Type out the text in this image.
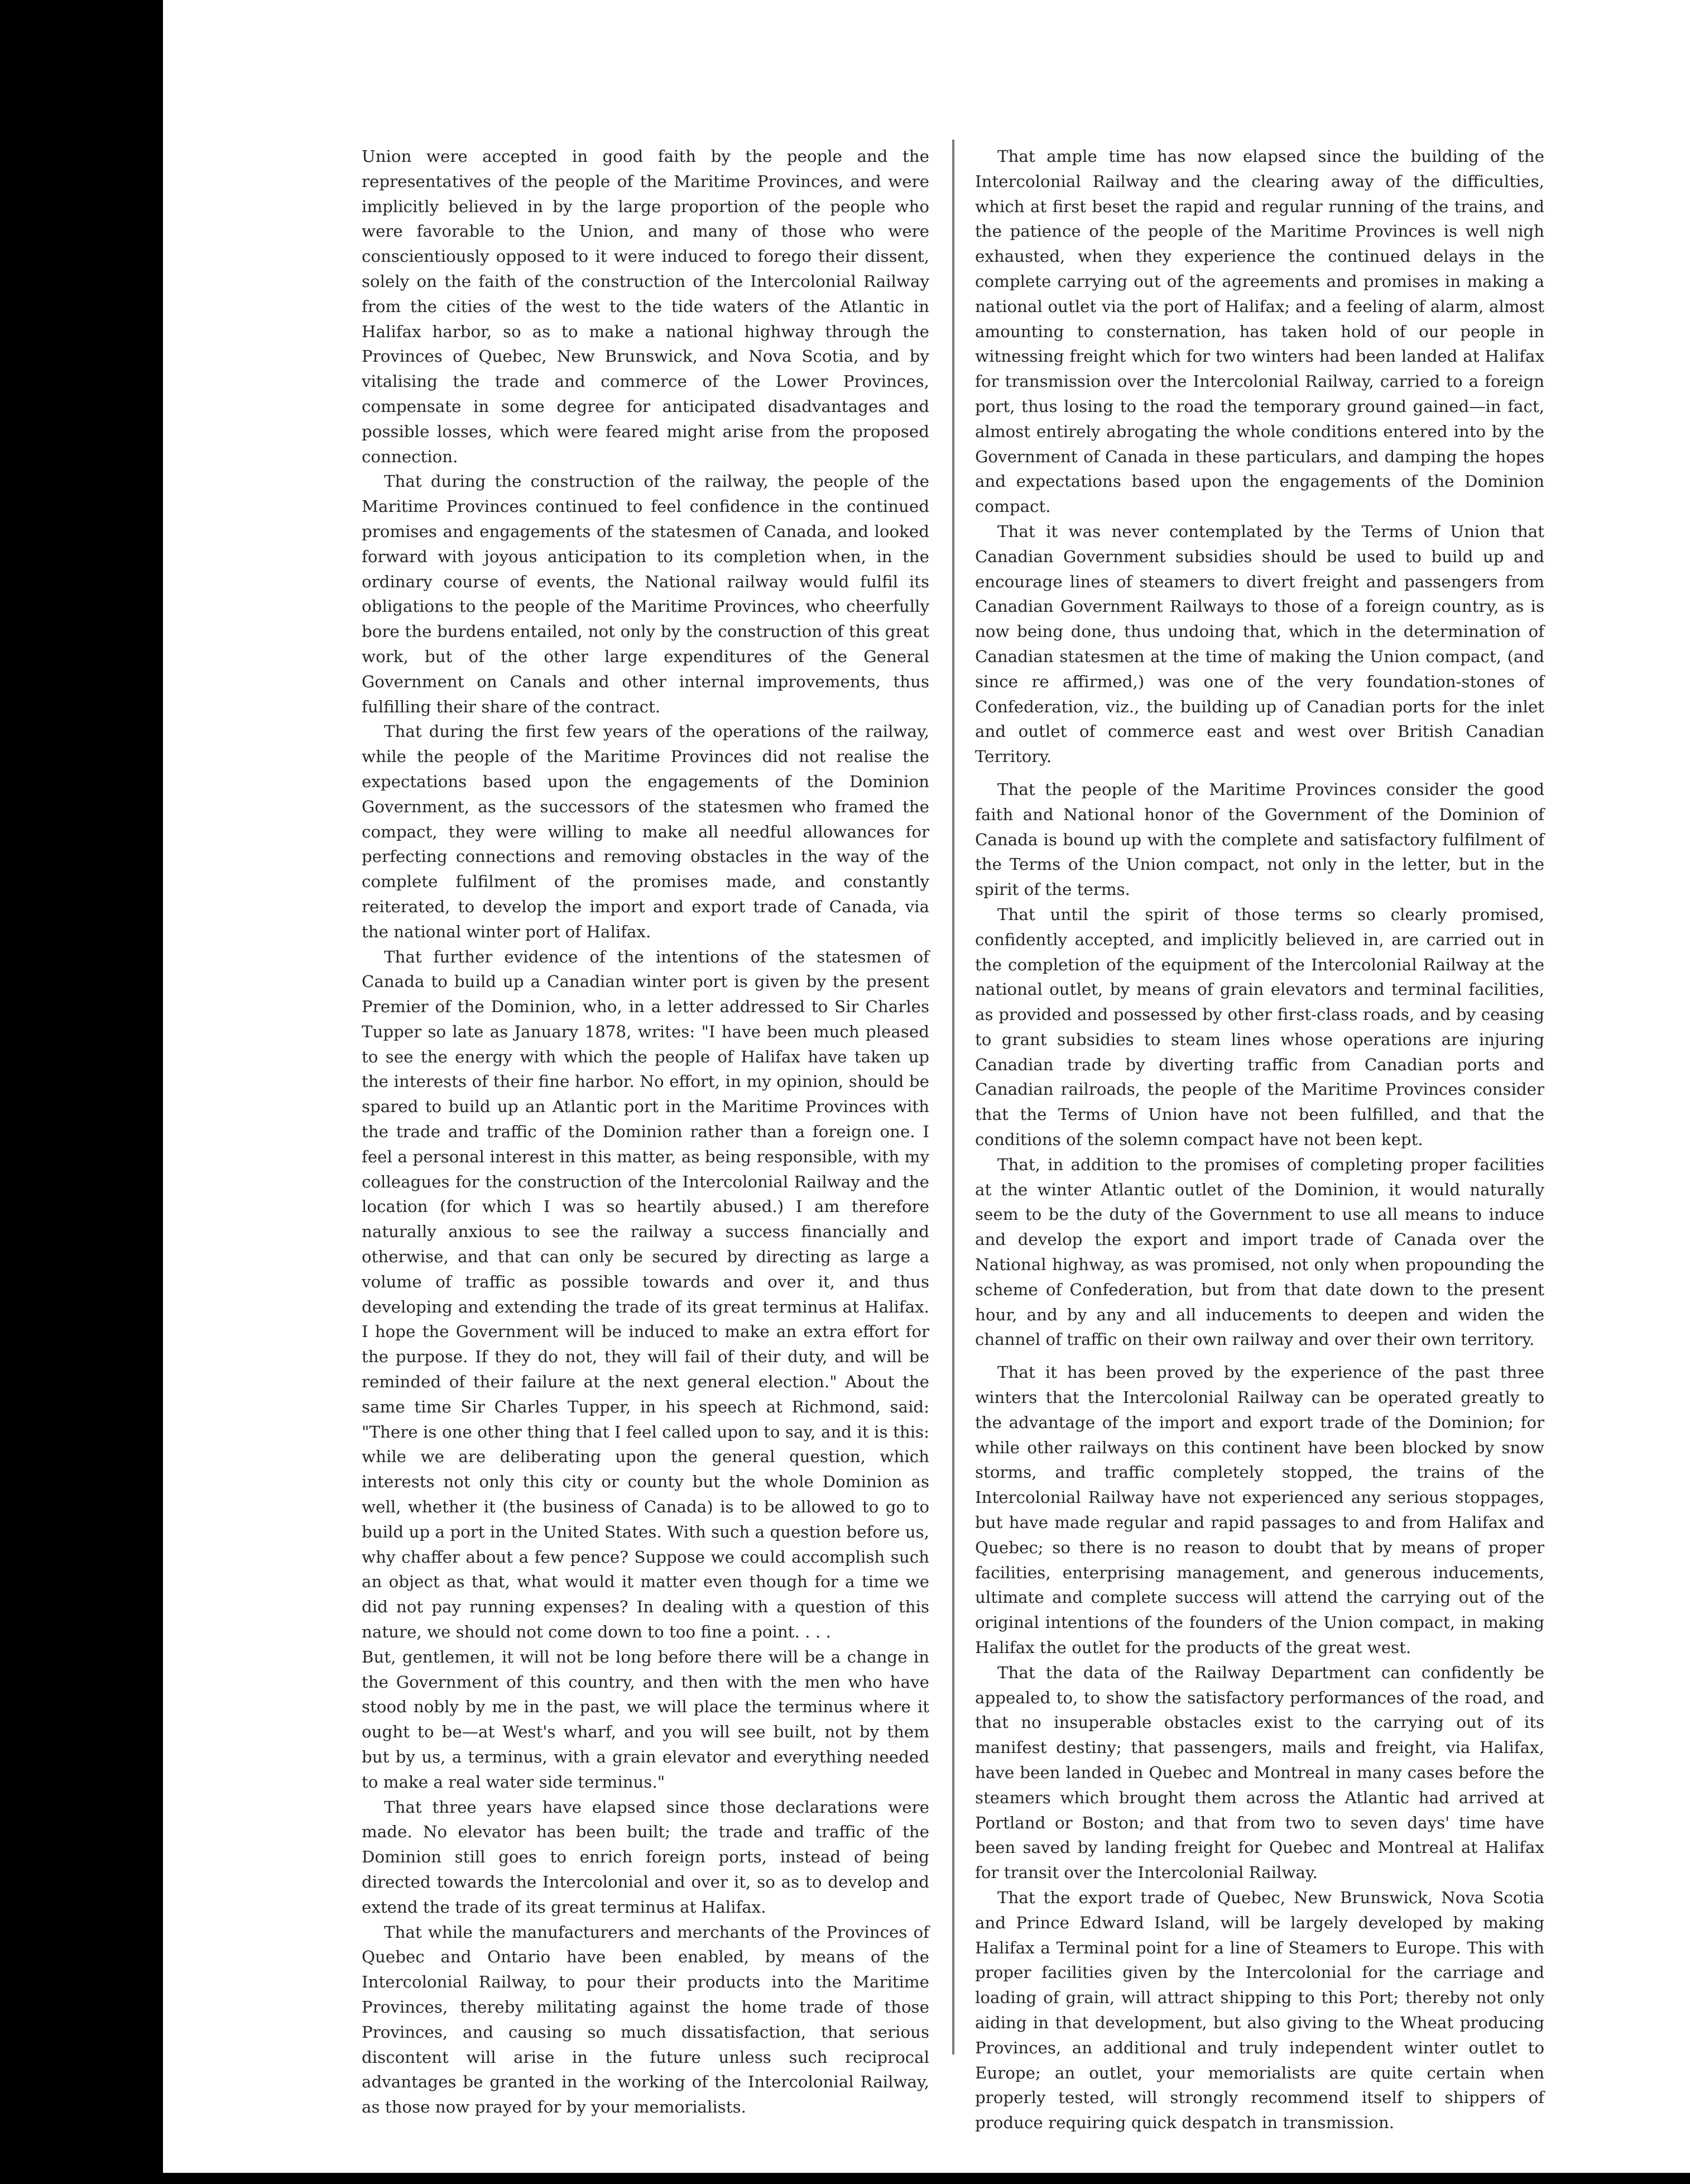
Union were accepted in good faith by the people and the representatives of the people of the Maritime Provinces, and were implicitly believed in by the large proportion of the people who were favorable to the Union, and many of those who were conscientiously opposed to it were induced to forego their dissent, solely on the faith of the construction of the Intercolonial Railway from the cities of the west to the tide waters of the Atlantic in Halifax harbor, so as to make a national highway through the Provinces of Quebec, New Brunswick, and Nova Scotia, and by vitalising the trade and commerce of the Lower Provinces, compensate in some degree for anticipated disadvantages and possible losses, which were feared might arise from the proposed connection.

That during the construction of the railway, the people of the Maritime Provinces continued to feel confidence in the continued promises and engagements of the statesmen of Canada, and looked forward with joyous anticipation to its completion when, in the ordinary course of events, the National railway would fulfil its obligations to the people of the Maritime Provinces, who cheerfully bore the burdens entailed, not only by the construction of this great work, but of the other large expenditures of the General Government on Canals and other internal improvements, thus fulfilling their share of the contract.

That during the first few years of the operations of the railway, while the people of the Maritime Provinces did not realise the expectations based upon the engagements of the Dominion Government, as the successors of the statesmen who framed the compact, they were willing to make all needful allowances for perfecting connections and removing obstacles in the way of the complete fulfilment of the promises made, and constantly reiterated, to develop the import and export trade of Canada, via the national winter port of Halifax.

That further evidence of the intentions of the statesmen of Canada to build up a Canadian winter port is given by the present Premier of the Dominion, who, in a letter addressed to Sir Charles Tupper so late as January 1878, writes: "I have been much pleased to see the energy with which the people of Halifax have taken up the interests of their fine harbor. No effort, in my opinion, should be spared to build up an Atlantic port in the Maritime Provinces with the trade and traffic of the Dominion rather than a foreign one. I feel a personal interest in this matter, as being responsible, with my colleagues for the construction of the Intercolonial Railway and the location (for which I was so heartily abused.) I am therefore naturally anxious to see the railway a success financially and otherwise, and that can only be secured by directing as large a volume of traffic as possible towards and over it, and thus developing and extending the trade of its great terminus at Halifax. I hope the Government will be induced to make an extra effort for the purpose. If they do not, they will fail of their duty, and will be reminded of their failure at the next general election." About the same time Sir Charles Tupper, in his speech at Richmond, said: "There is one other thing that I feel called upon to say, and it is this: while we are deliberating upon the general question, which interests not only this city or county but the whole Dominion as well, whether it (the business of Canada) is to be allowed to go to build up a port in the United States. With such a question before us, why chaffer about a few pence? Suppose we could accomplish such an object as that, what would it matter even though for a time we did not pay running expenses? In dealing with a question of this nature, we should not come down to too fine a point. . . .

But, gentlemen, it will not be long before there will be a change in the Government of this country, and then with the men who have stood nobly by me in the past, we will place the terminus where it ought to be—at West's wharf, and you will see built, not by them but by us, a terminus, with a grain elevator and everything needed to make a real water side terminus."

That three years have elapsed since those declarations were made. No elevator has been built; the trade and traffic of the Dominion still goes to enrich foreign ports, instead of being directed towards the Intercolonial and over it, so as to develop and extend the trade of its great terminus at Halifax.

That while the manufacturers and merchants of the Provinces of Quebec and Ontario have been enabled, by means of the Intercolonial Railway, to pour their products into the Maritime Provinces, thereby militating against the home trade of those Provinces, and causing so much dissatisfaction, that serious discontent will arise in the future unless such reciprocal advantages be granted in the working of the Intercolonial Railway, as those now prayed for by your memorialists.

That ample time has now elapsed since the building of the Intercolonial Railway and the clearing away of the difficulties, which at first beset the rapid and regular running of the trains, and the patience of the people of the Maritime Provinces is well nigh exhausted, when they experience the continued delays in the complete carrying out of the agreements and promises in making a national outlet via the port of Halifax; and a feeling of alarm, almost amounting to consternation, has taken hold of our people in witnessing freight which for two winters had been landed at Halifax for transmission over the Intercolonial Railway, carried to a foreign port, thus losing to the road the temporary ground gained—in fact, almost entirely abrogating the whole conditions entered into by the Government of Canada in these particulars, and damping the hopes and expectations based upon the engagements of the Dominion compact.

That it was never contemplated by the Terms of Union that Canadian Government subsidies should be used to build up and encourage lines of steamers to divert freight and passengers from Canadian Government Railways to those of a foreign country, as is now being done, thus undoing that, which in the determination of Canadian statesmen at the time of making the Union compact, (and since re affirmed,) was one of the very foundation-stones of Confederation, viz., the building up of Canadian ports for the inlet and outlet of commerce east and west over British Canadian Territory.

That the people of the Maritime Provinces consider the good faith and National honor of the Government of the Dominion of Canada is bound up with the complete and satisfactory fulfilment of the Terms of the Union compact, not only in the letter, but in the spirit of the terms.

That until the spirit of those terms so clearly promised, confidently accepted, and implicitly believed in, are carried out in the completion of the equipment of the Intercolonial Railway at the national outlet, by means of grain elevators and terminal facilities, as provided and possessed by other first-class roads, and by ceasing to grant subsidies to steam lines whose operations are injuring Canadian trade by diverting traffic from Canadian ports and Canadian railroads, the people of the Maritime Provinces consider that the Terms of Union have not been fulfilled, and that the conditions of the solemn compact have not been kept.

That, in addition to the promises of completing proper facilities at the winter Atlantic outlet of the Dominion, it would naturally seem to be the duty of the Government to use all means to induce and develop the export and import trade of Canada over the National highway, as was promised, not only when propounding the scheme of Confederation, but from that date down to the present hour, and by any and all inducements to deepen and widen the channel of traffic on their own railway and over their own territory.

That it has been proved by the experience of the past three winters that the Intercolonial Railway can be operated greatly to the advantage of the import and export trade of the Dominion; for while other railways on this continent have been blocked by snow storms, and traffic completely stopped, the trains of the Intercolonial Railway have not experienced any serious stoppages, but have made regular and rapid passages to and from Halifax and Quebec; so there is no reason to doubt that by means of proper facilities, enterprising management, and generous inducements, ultimate and complete success will attend the carrying out of the original intentions of the founders of the Union compact, in making Halifax the outlet for the products of the great west.

That the data of the Railway Department can confidently be appealed to, to show the satisfactory performances of the road, and that no insuperable obstacles exist to the carrying out of its manifest destiny; that passengers, mails and freight, via Halifax, have been landed in Quebec and Montreal in many cases before the steamers which brought them across the Atlantic had arrived at Portland or Boston; and that from two to seven days' time have been saved by landing freight for Quebec and Montreal at Halifax for transit over the Intercolonial Railway.

That the export trade of Quebec, New Brunswick, Nova Scotia and Prince Edward Island, will be largely developed by making Halifax a Terminal point for a line of Steamers to Europe. This with proper facilities given by the Intercolonial for the carriage and loading of grain, will attract shipping to this Port; thereby not only aiding in that development, but also giving to the Wheat producing Provinces, an additional and truly independent winter outlet to Europe; an outlet, your memorialists are quite certain when properly tested, will strongly recommend itself to shippers of produce requiring quick despatch in transmission.
